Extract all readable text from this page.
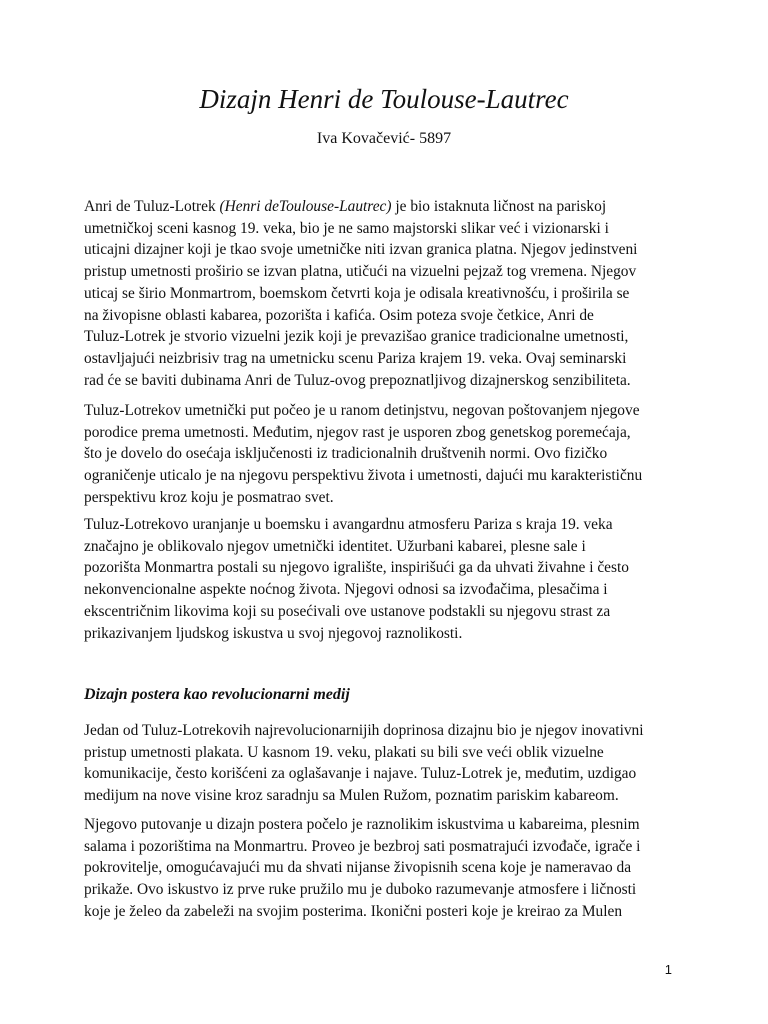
Dizajn Henri de Toulouse-Lautrec
Iva Kovačević- 5897
Anri de Tuluz-Lotrek (Henri deToulouse-Lautrec) je bio istaknuta ličnost na pariskoj
umetničkoj sceni kasnog 19. veka, bio je ne samo majstorski slikar već i vizionarski i
uticajni dizajner koji je tkao svoje umetničke niti izvan granica platna. Njegov jedinstveni
pristup umetnosti proširio se izvan platna, utičući na vizuelni pejzaž tog vremena. Njegov
uticaj se širio Monmartrom, boemskom četvrti koja je odisala kreativnošću, i proširila se
na živopisne oblasti kabarea, pozorišta i kafića. Osim poteza svoje četkice, Anri de
Tuluz-Lotrek je stvorio vizuelni jezik koji je prevazišao granice tradicionalne umetnosti,
ostavljajući neizbrisiv trag na umetnicku scenu Pariza krajem 19. veka. Ovaj seminarski
rad će se baviti dubinama Anri de Tuluz-ovog prepoznatljivog dizajnerskog senzibiliteta.
Tuluz-Lotrekov umetnički put počeo je u ranom detinjstvu, negovan poštovanjem njegove
porodice prema umetnosti. Međutim, njegov rast je usporen zbog genetskog poremećaja,
što je dovelo do osećaja isključenosti iz tradicionalnih društvenih normi. Ovo fizičko
ograničenje uticalo je na njegovu perspektivu života i umetnosti, dajući mu karakterističnu
perspektivu kroz koju je posmatrao svet.
Tuluz-Lotrekovo uranjanje u boemsku i avangardnu atmosferu Pariza s kraja 19. veka
značajno je oblikovalo njegov umetnički identitet. Užurbani kabarei, plesne sale i
pozorišta Monmartra postali su njegovo igralište, inspirišući ga da uhvati živahne i često
nekonvencionalne aspekte noćnog života. Njegovi odnosi sa izvođačima, plesačima i
ekscentričnim likovima koji su posećivali ove ustanove podstakli su njegovu strast za
prikazivanjem ljudskog iskustva u svoj njegovoj raznolikosti.
Dizajn postera kao revolucionarni medij
Jedan od Tuluz-Lotrekovih najrevolucionarnijih doprinosa dizajnu bio je njegov inovativni
pristup umetnosti plakata. U kasnom 19. veku, plakati su bili sve veći oblik vizuelne
komunikacije, često korišćeni za oglašavanje i najave. Tuluz-Lotrek je, međutim, uzdigao
medijum na nove visine kroz saradnju sa Mulen Ružom, poznatim pariskim kabareom.
Njegovo putovanje u dizajn postera počelo je raznolikim iskustvima u kabareima, plesnim
salama i pozorištima na Monmartru. Proveo je bezbroj sati posmatrajući izvođače, igrače i
pokrovitelje, omogućavajući mu da shvati nijanse živopisnih scena koje je nameravao da
prikaže. Ovo iskustvo iz prve ruke pružilo mu je duboko razumevanje atmosfere i ličnosti
koje je želeo da zabeleži na svojim posterima. Ikonični posteri koje je kreirao za Mulen
1
